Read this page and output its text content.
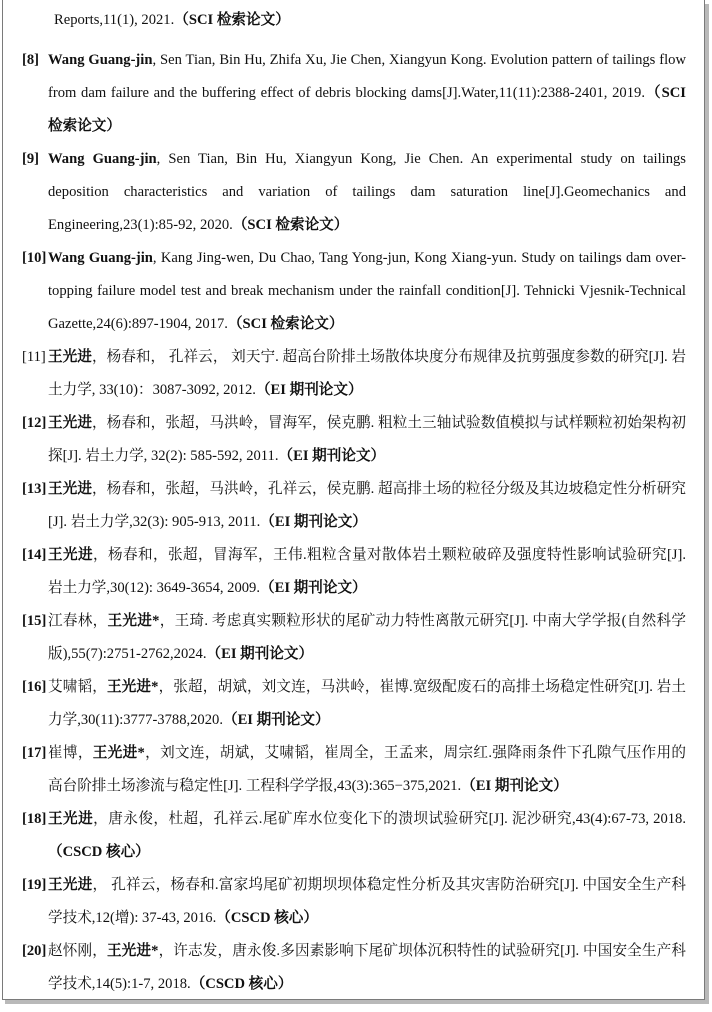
Reports,11(1), 2021.（SCI 检索论文）
[8] Wang Guang-jin, Sen Tian, Bin Hu, Zhifa Xu, Jie Chen, Xiangyun Kong. Evolution pattern of tailings flow from dam failure and the buffering effect of debris blocking dams[J].Water,11(11):2388-2401, 2019.（SCI 检索论文）
[9] Wang Guang-jin, Sen Tian, Bin Hu, Xiangyun Kong, Jie Chen. An experimental study on tailings deposition characteristics and variation of tailings dam saturation line[J].Geomechanics and Engineering,23(1):85-92, 2020.（SCI 检索论文）
[10] Wang Guang-jin, Kang Jing-wen, Du Chao, Tang Yong-jun, Kong Xiang-yun. Study on tailings dam over-topping failure model test and break mechanism under the rainfall condition[J]. Tehnicki Vjesnik-Technical Gazette,24(6):897-1904, 2017.（SCI 检索论文）
[11] 王光进，杨春和， 孔祥云， 刘天宁. 超高台阶排土场散体块度分布规律及抗剪强度参数的研究[J]. 岩土力学, 33(10)：3087-3092, 2012.（EI 期刊论文）
[12] 王光进，杨春和，张超，马洪岭，冒海军，侯克鹏. 粗粒土三轴试验数值模拟与试样颗粒初始架构初探[J]. 岩土力学, 32(2): 585-592, 2011.（EI 期刊论文）
[13] 王光进，杨春和，张超，马洪岭，孔祥云，侯克鹏. 超高排土场的粒径分级及其边坡稳定性分析研究[J]. 岩土力学,32(3): 905-913, 2011.（EI 期刊论文）
[14] 王光进，杨春和，张超，冒海军，王伟.粗粒含量对散体岩土颗粒破碎及强度特性影响试验研究[J]. 岩土力学,30(12): 3649-3654, 2009.（EI 期刊论文）
[15] 江春林，王光进*，王琦. 考虑真实颗粒形状的尾矿动力特性离散元研究[J]. 中南大学学报(自然科学版),55(7):2751-2762,2024.（EI 期刊论文）
[16] 艾啸韬，王光进*，张超，胡斌，刘文连，马洪岭，崔博.宽级配废石的高排土场稳定性研究[J]. 岩土力学,30(11):3777-3788,2020.（EI 期刊论文）
[17] 崔博，王光进*，刘文连，胡斌，艾啸韬，崔周全，王孟来，周宗红.强降雨条件下孔隙气压作用的高台阶排土场渗流与稳定性[J]. 工程科学学报,43(3):365−375,2021.（EI 期刊论文）
[18] 王光进，唐永俊，杜超，孔祥云.尾矿库水位变化下的溃坝试验研究[J]. 泥沙研究,43(4):67-73, 2018.（CSCD 核心）
[19] 王光进， 孔祥云，杨春和.富家坞尾矿初期坝坝体稳定性分析及其灾害防治研究[J]. 中国安全生产科学技术,12(增): 37-43, 2016.（CSCD 核心）
[20] 赵怀刚，王光进*，许志发，唐永俊.多因素影响下尾矿坝体沉积特性的试验研究[J]. 中国安全生产科学技术,14(5):1-7, 2018.（CSCD 核心）
